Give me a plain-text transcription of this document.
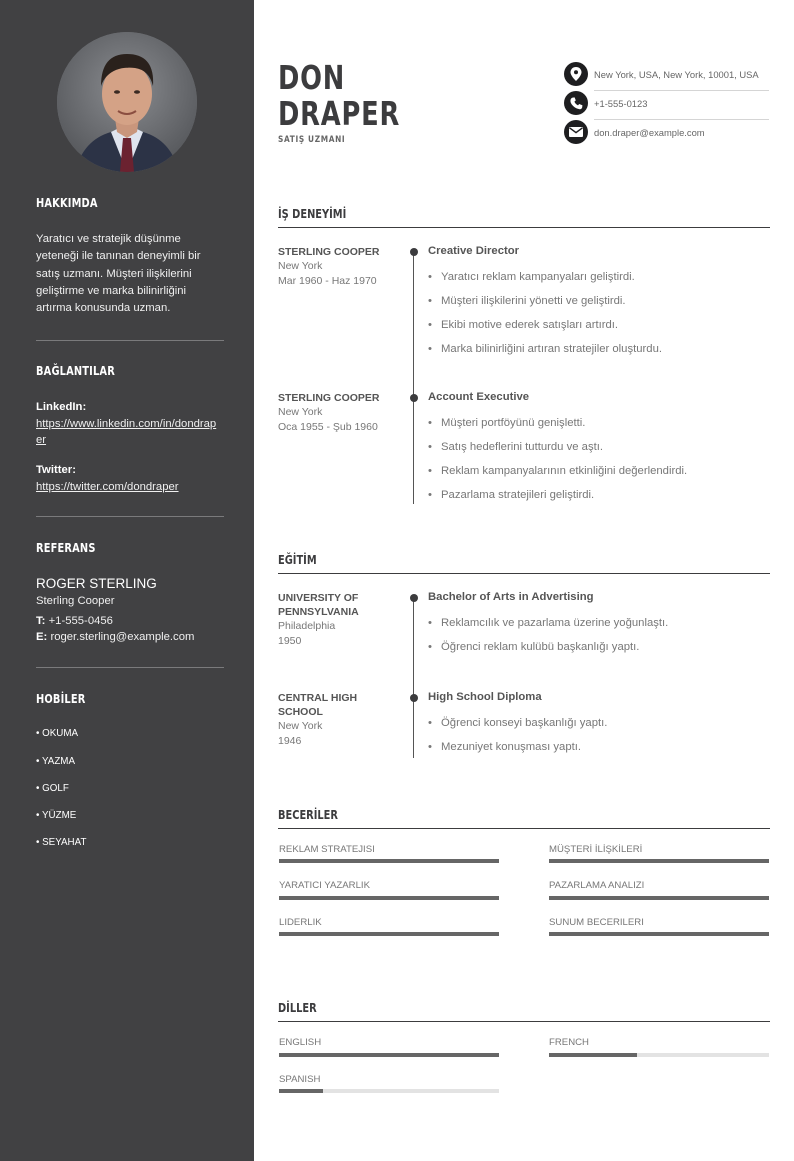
HAKKIMDA
Yaratıcı ve stratejik düşünme yeteneği ile tanınan deneyimli bir satış uzmanı. Müşteri ilişkilerini geliştirme ve marka bilinirliğini artırma konusunda uzman.
BAĞLANTILAR
LinkedIn:
https://www.linkedin.com/in/dondraper
Twitter:
https://twitter.com/dondraper
REFERANS
ROGER STERLING
Sterling Cooper
T: +1-555-0456
E: roger.sterling@example.com
HOBİLER
• OKUMA
• YAZMA
• GOLF
• YÜZME
• SEYAHAT
DON
DRAPER
SATIŞ UZMANI
New York, USA, New York, 10001, USA
+1-555-0123
don.draper@example.com
İŞ DENEYİMİ
STERLING COOPER
New York
Mar 1960 - Haz 1970
Creative Director
• Yaratıcı reklam kampanyaları geliştirdi.
• Müşteri ilişkilerini yönetti ve geliştirdi.
• Ekibi motive ederek satışları artırdı.
• Marka bilinirliğini artıran stratejiler oluşturdu.
STERLING COOPER
New York
Oca 1955 - Şub 1960
Account Executive
• Müşteri portföyünü genişletti.
• Satış hedeflerini tutturdu ve aştı.
• Reklam kampanyalarının etkinliğini değerlendirdi.
• Pazarlama stratejileri geliştirdi.
EĞİTİM
UNIVERSITY OF PENNSYLVANIA
Philadelphia
1950
Bachelor of Arts in Advertising
• Reklamcılık ve pazarlama üzerine yoğunlaştı.
• Öğrenci reklam kulübü başkanlığı yaptı.
CENTRAL HIGH SCHOOL
New York
1946
High School Diploma
• Öğrenci konseyi başkanlığı yaptı.
• Mezuniyet konuşması yaptı.
BECERİLER
REKLAM STRATEJISI	MÜŞTERİ İLİŞKİLERİ
YARATICI YAZARLIK	PAZARLAMA ANALIZI
LIDERLIK	SUNUM BECERILERI
DİLLER
ENGLISH	FRENCH
SPANISH
